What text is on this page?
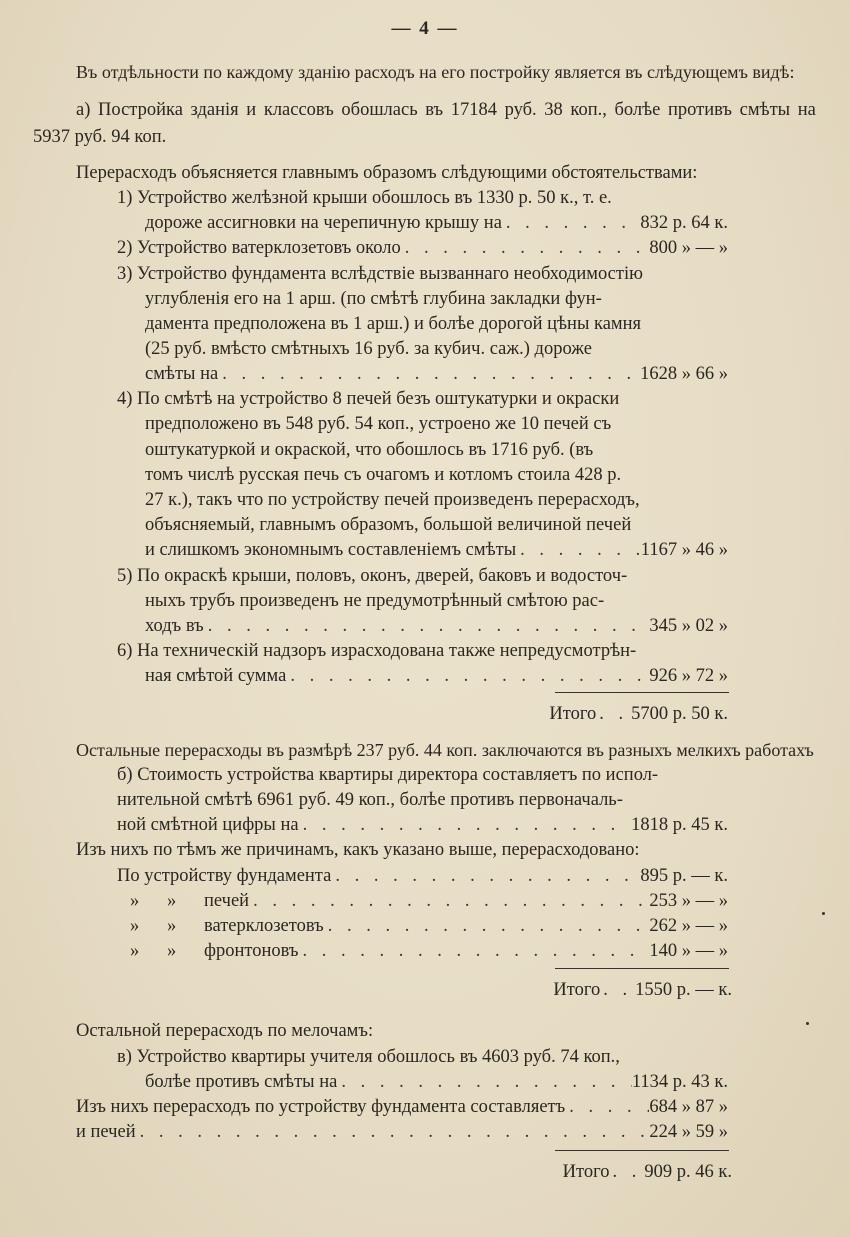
— 4 —
Въ отдѣльности по каждому зданію расходъ на его постройку является въ слѣдующемъ видѣ:
а) Постройка зданія и классовъ обошлась въ 17184 руб. 38 коп., болѣе противъ смѣты на
5937 руб. 94 коп.
Перерасходъ объясняется главнымъ образомъ слѣдующими обстоятельствами:
1) Устройство желѣзной крыши обошлось въ 1330 р. 50 к., т. е.
дороже ассигновки на черепичную крышу на . . .	832 р. 64 к.
2) Устройство ватерклозетовъ около . . .	800 » — »
3) Устройство фундамента вслѣдствіе вызваннаго необходимостію
углубленія его на 1 арш. (по смѣтѣ глубина закладки фун-
дамента предположена въ 1 арш.) и болѣе дорогой цѣны камня
(25 руб. вмѣсто смѣтныхъ 16 руб. за кубич. саж.) дороже
смѣты на . . .	1628 » 66 »
4) По смѣтѣ на устройство 8 печей безъ оштукатурки и окраски
предположено въ 548 руб. 54 коп., устроено же 10 печей съ
оштукатуркой и окраской, что обошлось въ 1716 руб. (въ
томъ числѣ русская печь съ очагомъ и котломъ стоила 428 р.
27 к.), такъ что по устройству печей произведенъ перерасходъ,
объясняемый, главнымъ образомъ, большой величиной печей
и слишкомъ экономнымъ составленіемъ смѣты . . .	1167 » 46 »
5) По окраскѣ крыши, половъ, оконъ, дверей, баковъ и водосточ-
ныхъ трубъ произведенъ не предумотрѣнный смѣтою рас-
ходъ въ . . .	345 » 02 »
6) На техническій надзоръ израсходована также непредусмотрѣн-
ная смѣтой сумма . . .	926 » 72 »
Итого . . 5700 р. 50 к.
Остальные перерасходы въ размѣрѣ 237 руб. 44 коп. заключаются въ разныхъ мелкихъ работахъ
б) Стоимость устройства квартиры директора составляетъ по испол-
нительной смѣтѣ 6961 руб. 49 коп., болѣе противъ первоначаль-
ной смѣтной цифры на . . .	1818 р. 45 к.
Изъ нихъ по тѣмъ же причинамъ, какъ указано выше, перерасходовано:
По устройству фундамента . . .	895 р. — к.
»      »      печей . . .	253 » — »
»      »      ватерклозетовъ . . .	262 » — »
»      »      фронтоновъ . . .	140 » — »
Итого . . 1550 р. — к.
Остальной перерасходъ по мелочамъ:
в) Устройство квартиры учителя обошлось въ 4603 руб. 74 коп.,
болѣе противъ смѣты на . . .	1134 р. 43 к.
Изъ нихъ перерасходъ по устройству фундамента составляетъ . . .	684 » 87 »
и печей . . .	224 » 59 »
Итого . . 909 р. 46 к.
